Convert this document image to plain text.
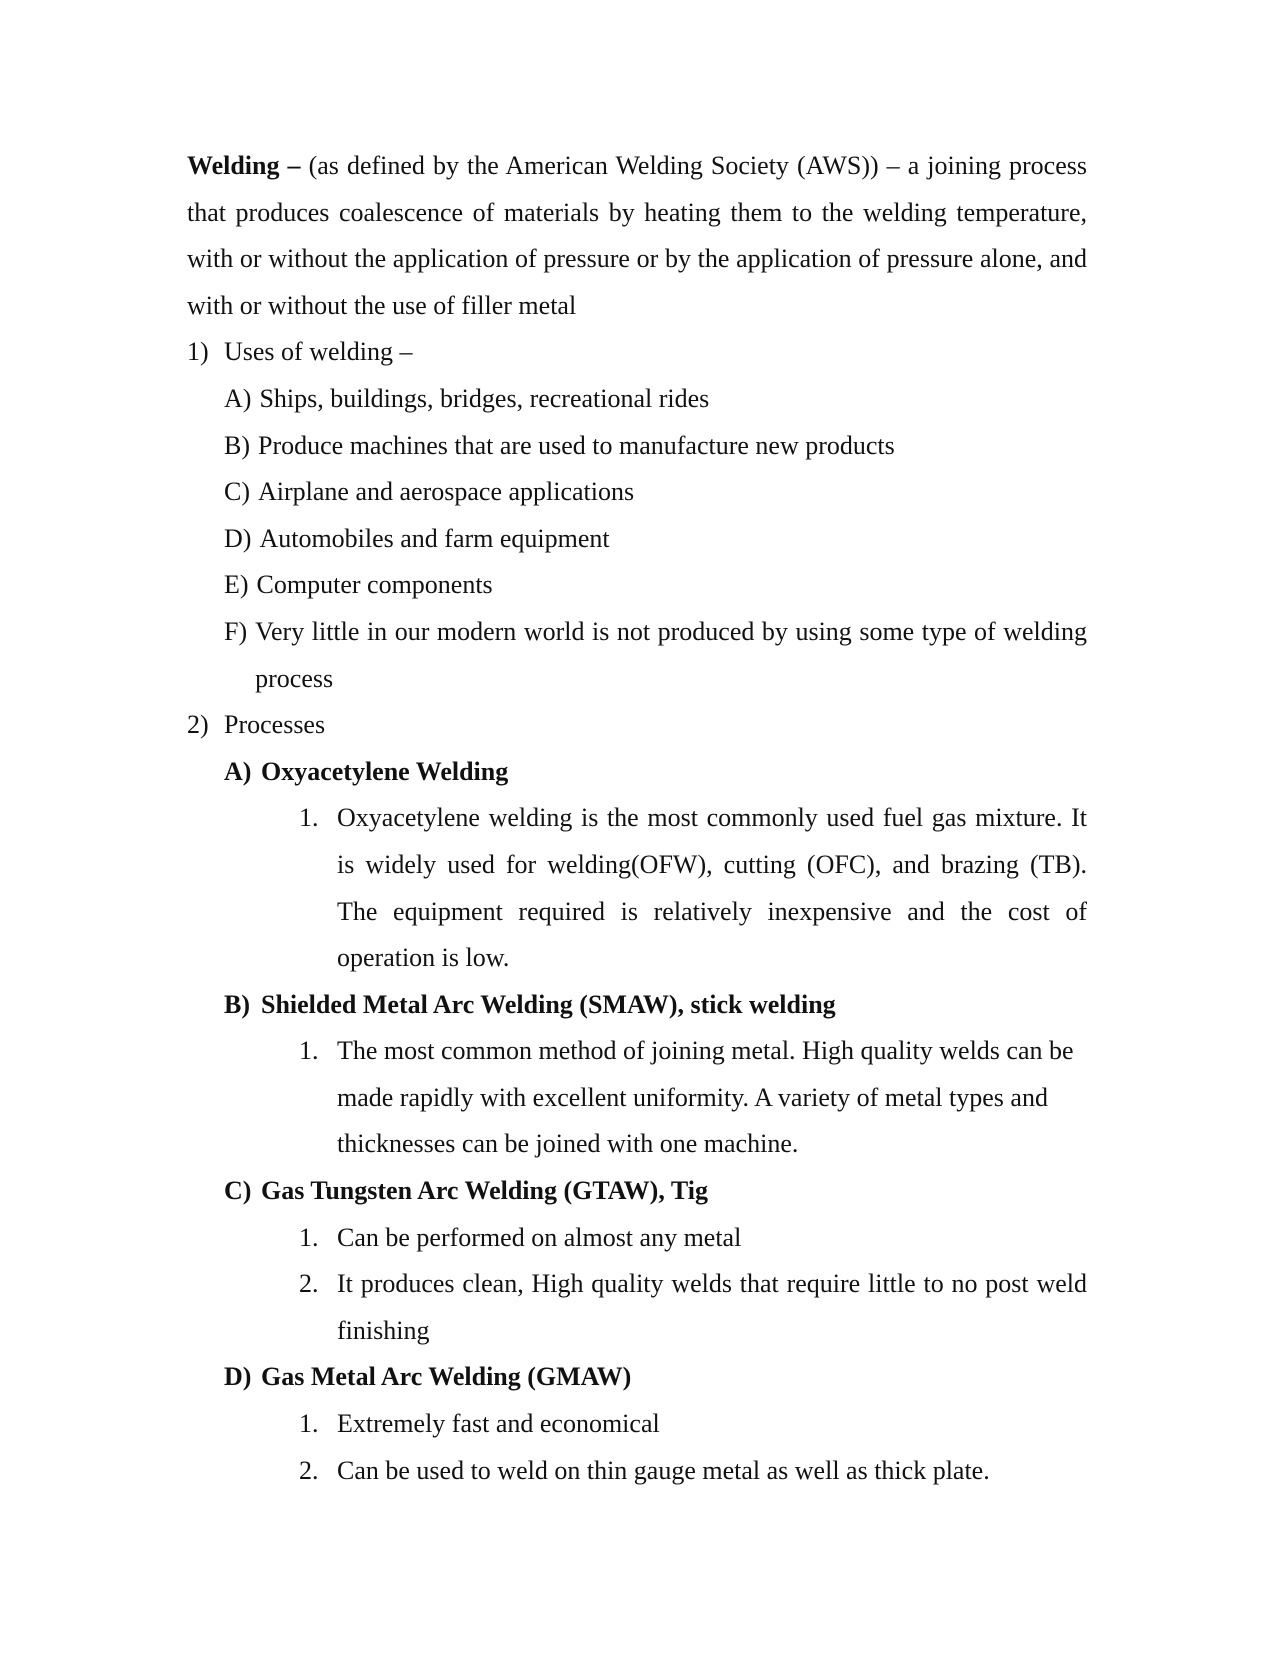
Welding – (as defined by the American Welding Society (AWS)) – a joining process that produces coalescence of materials by heating them to the welding temperature, with or without the application of pressure or by the application of pressure alone, and with or without the use of filler metal

1) Uses of welding –
A) Ships, buildings, bridges, recreational rides
B) Produce machines that are used to manufacture new products
C) Airplane and aerospace applications
D) Automobiles and farm equipment
E) Computer components
F) Very little in our modern world is not produced by using some type of welding process
2) Processes
A) Oxyacetylene Welding
1. Oxyacetylene welding is the most commonly used fuel gas mixture. It is widely used for welding(OFW), cutting (OFC), and brazing (TB). The equipment required is relatively inexpensive and the cost of operation is low.
B) Shielded Metal Arc Welding (SMAW), stick welding
1. The most common method of joining metal. High quality welds can be made rapidly with excellent uniformity. A variety of metal types and thicknesses can be joined with one machine.
C) Gas Tungsten Arc Welding (GTAW), Tig
1. Can be performed on almost any metal
2. It produces clean, High quality welds that require little to no post weld finishing
D) Gas Metal Arc Welding (GMAW)
1. Extremely fast and economical
2. Can be used to weld on thin gauge metal as well as thick plate.
